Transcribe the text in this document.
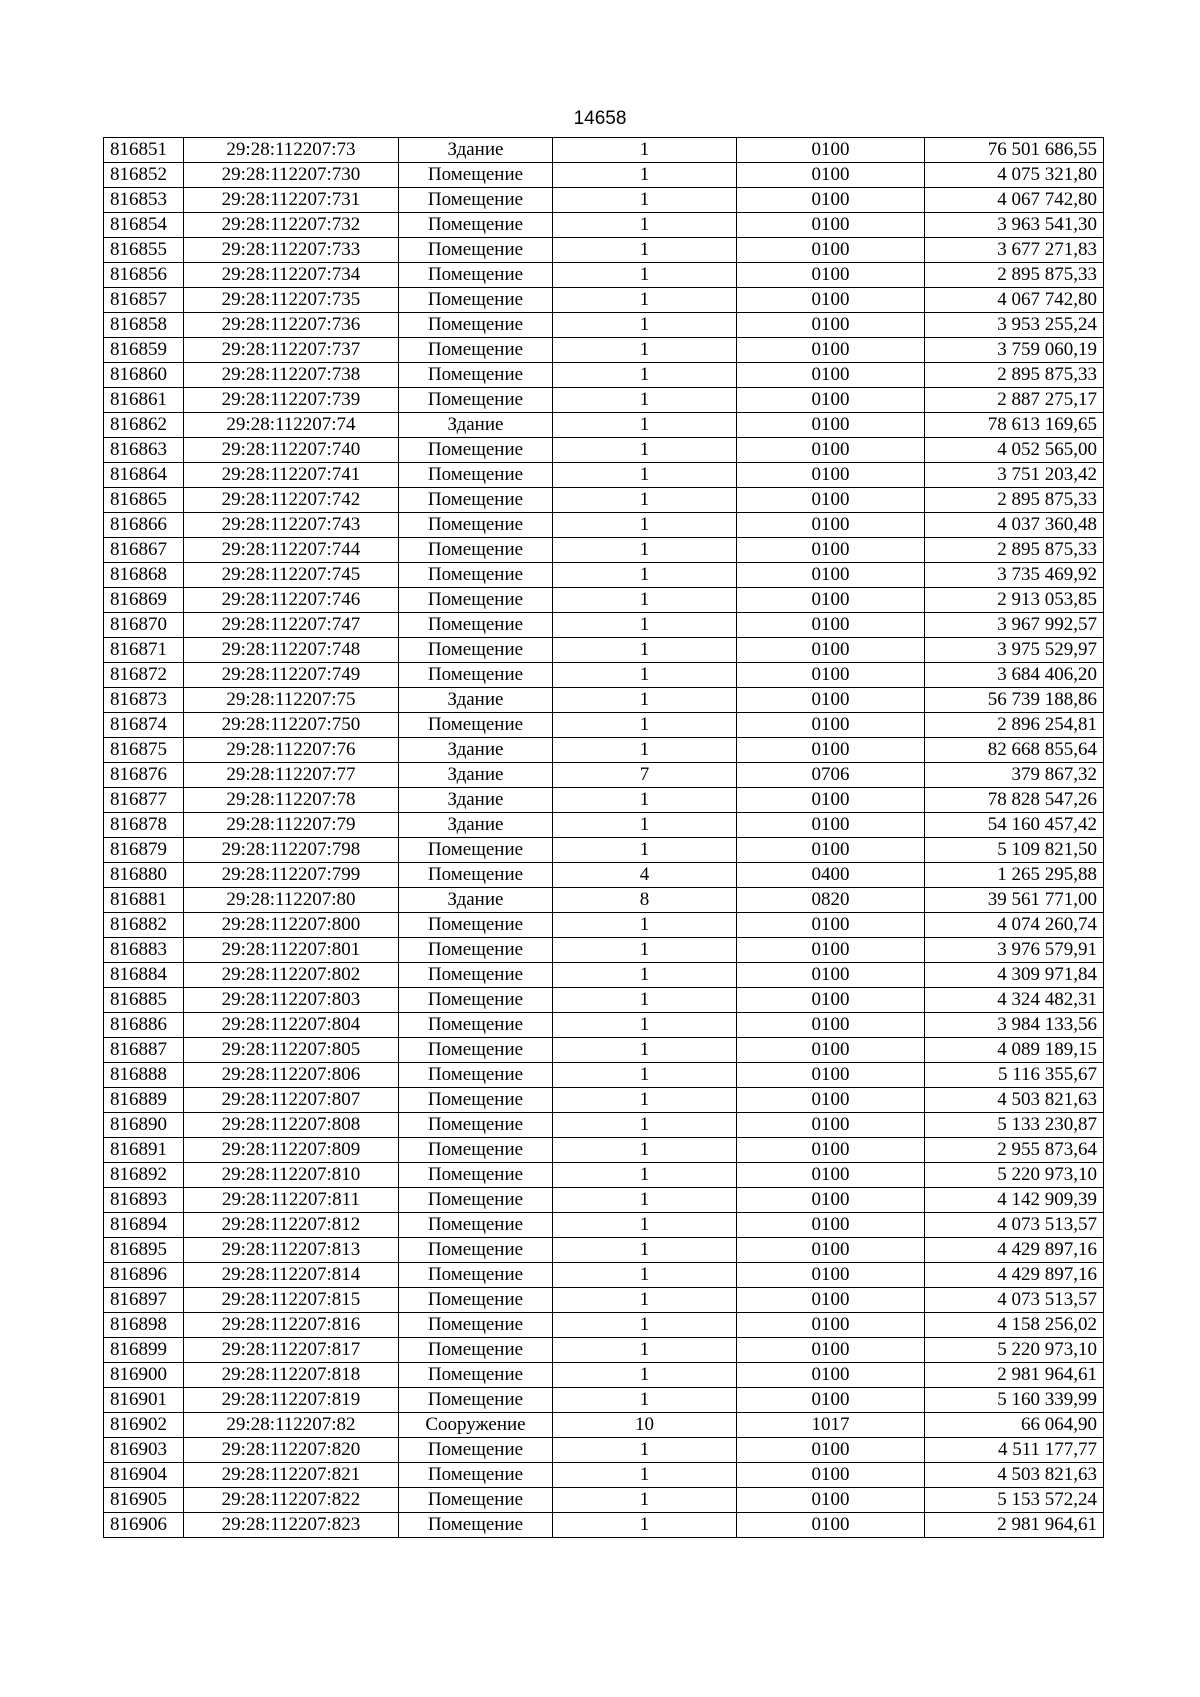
14658
816851	29:28:112207:73	Здание	1	0100	76 501 686,55
816852	29:28:112207:730	Помещение	1	0100	4 075 321,80
816853	29:28:112207:731	Помещение	1	0100	4 067 742,80
816854	29:28:112207:732	Помещение	1	0100	3 963 541,30
816855	29:28:112207:733	Помещение	1	0100	3 677 271,83
816856	29:28:112207:734	Помещение	1	0100	2 895 875,33
816857	29:28:112207:735	Помещение	1	0100	4 067 742,80
816858	29:28:112207:736	Помещение	1	0100	3 953 255,24
816859	29:28:112207:737	Помещение	1	0100	3 759 060,19
816860	29:28:112207:738	Помещение	1	0100	2 895 875,33
816861	29:28:112207:739	Помещение	1	0100	2 887 275,17
816862	29:28:112207:74	Здание	1	0100	78 613 169,65
816863	29:28:112207:740	Помещение	1	0100	4 052 565,00
816864	29:28:112207:741	Помещение	1	0100	3 751 203,42
816865	29:28:112207:742	Помещение	1	0100	2 895 875,33
816866	29:28:112207:743	Помещение	1	0100	4 037 360,48
816867	29:28:112207:744	Помещение	1	0100	2 895 875,33
816868	29:28:112207:745	Помещение	1	0100	3 735 469,92
816869	29:28:112207:746	Помещение	1	0100	2 913 053,85
816870	29:28:112207:747	Помещение	1	0100	3 967 992,57
816871	29:28:112207:748	Помещение	1	0100	3 975 529,97
816872	29:28:112207:749	Помещение	1	0100	3 684 406,20
816873	29:28:112207:75	Здание	1	0100	56 739 188,86
816874	29:28:112207:750	Помещение	1	0100	2 896 254,81
816875	29:28:112207:76	Здание	1	0100	82 668 855,64
816876	29:28:112207:77	Здание	7	0706	379 867,32
816877	29:28:112207:78	Здание	1	0100	78 828 547,26
816878	29:28:112207:79	Здание	1	0100	54 160 457,42
816879	29:28:112207:798	Помещение	1	0100	5 109 821,50
816880	29:28:112207:799	Помещение	4	0400	1 265 295,88
816881	29:28:112207:80	Здание	8	0820	39 561 771,00
816882	29:28:112207:800	Помещение	1	0100	4 074 260,74
816883	29:28:112207:801	Помещение	1	0100	3 976 579,91
816884	29:28:112207:802	Помещение	1	0100	4 309 971,84
816885	29:28:112207:803	Помещение	1	0100	4 324 482,31
816886	29:28:112207:804	Помещение	1	0100	3 984 133,56
816887	29:28:112207:805	Помещение	1	0100	4 089 189,15
816888	29:28:112207:806	Помещение	1	0100	5 116 355,67
816889	29:28:112207:807	Помещение	1	0100	4 503 821,63
816890	29:28:112207:808	Помещение	1	0100	5 133 230,87
816891	29:28:112207:809	Помещение	1	0100	2 955 873,64
816892	29:28:112207:810	Помещение	1	0100	5 220 973,10
816893	29:28:112207:811	Помещение	1	0100	4 142 909,39
816894	29:28:112207:812	Помещение	1	0100	4 073 513,57
816895	29:28:112207:813	Помещение	1	0100	4 429 897,16
816896	29:28:112207:814	Помещение	1	0100	4 429 897,16
816897	29:28:112207:815	Помещение	1	0100	4 073 513,57
816898	29:28:112207:816	Помещение	1	0100	4 158 256,02
816899	29:28:112207:817	Помещение	1	0100	5 220 973,10
816900	29:28:112207:818	Помещение	1	0100	2 981 964,61
816901	29:28:112207:819	Помещение	1	0100	5 160 339,99
816902	29:28:112207:82	Сооружение	10	1017	66 064,90
816903	29:28:112207:820	Помещение	1	0100	4 511 177,77
816904	29:28:112207:821	Помещение	1	0100	4 503 821,63
816905	29:28:112207:822	Помещение	1	0100	5 153 572,24
816906	29:28:112207:823	Помещение	1	0100	2 981 964,61
